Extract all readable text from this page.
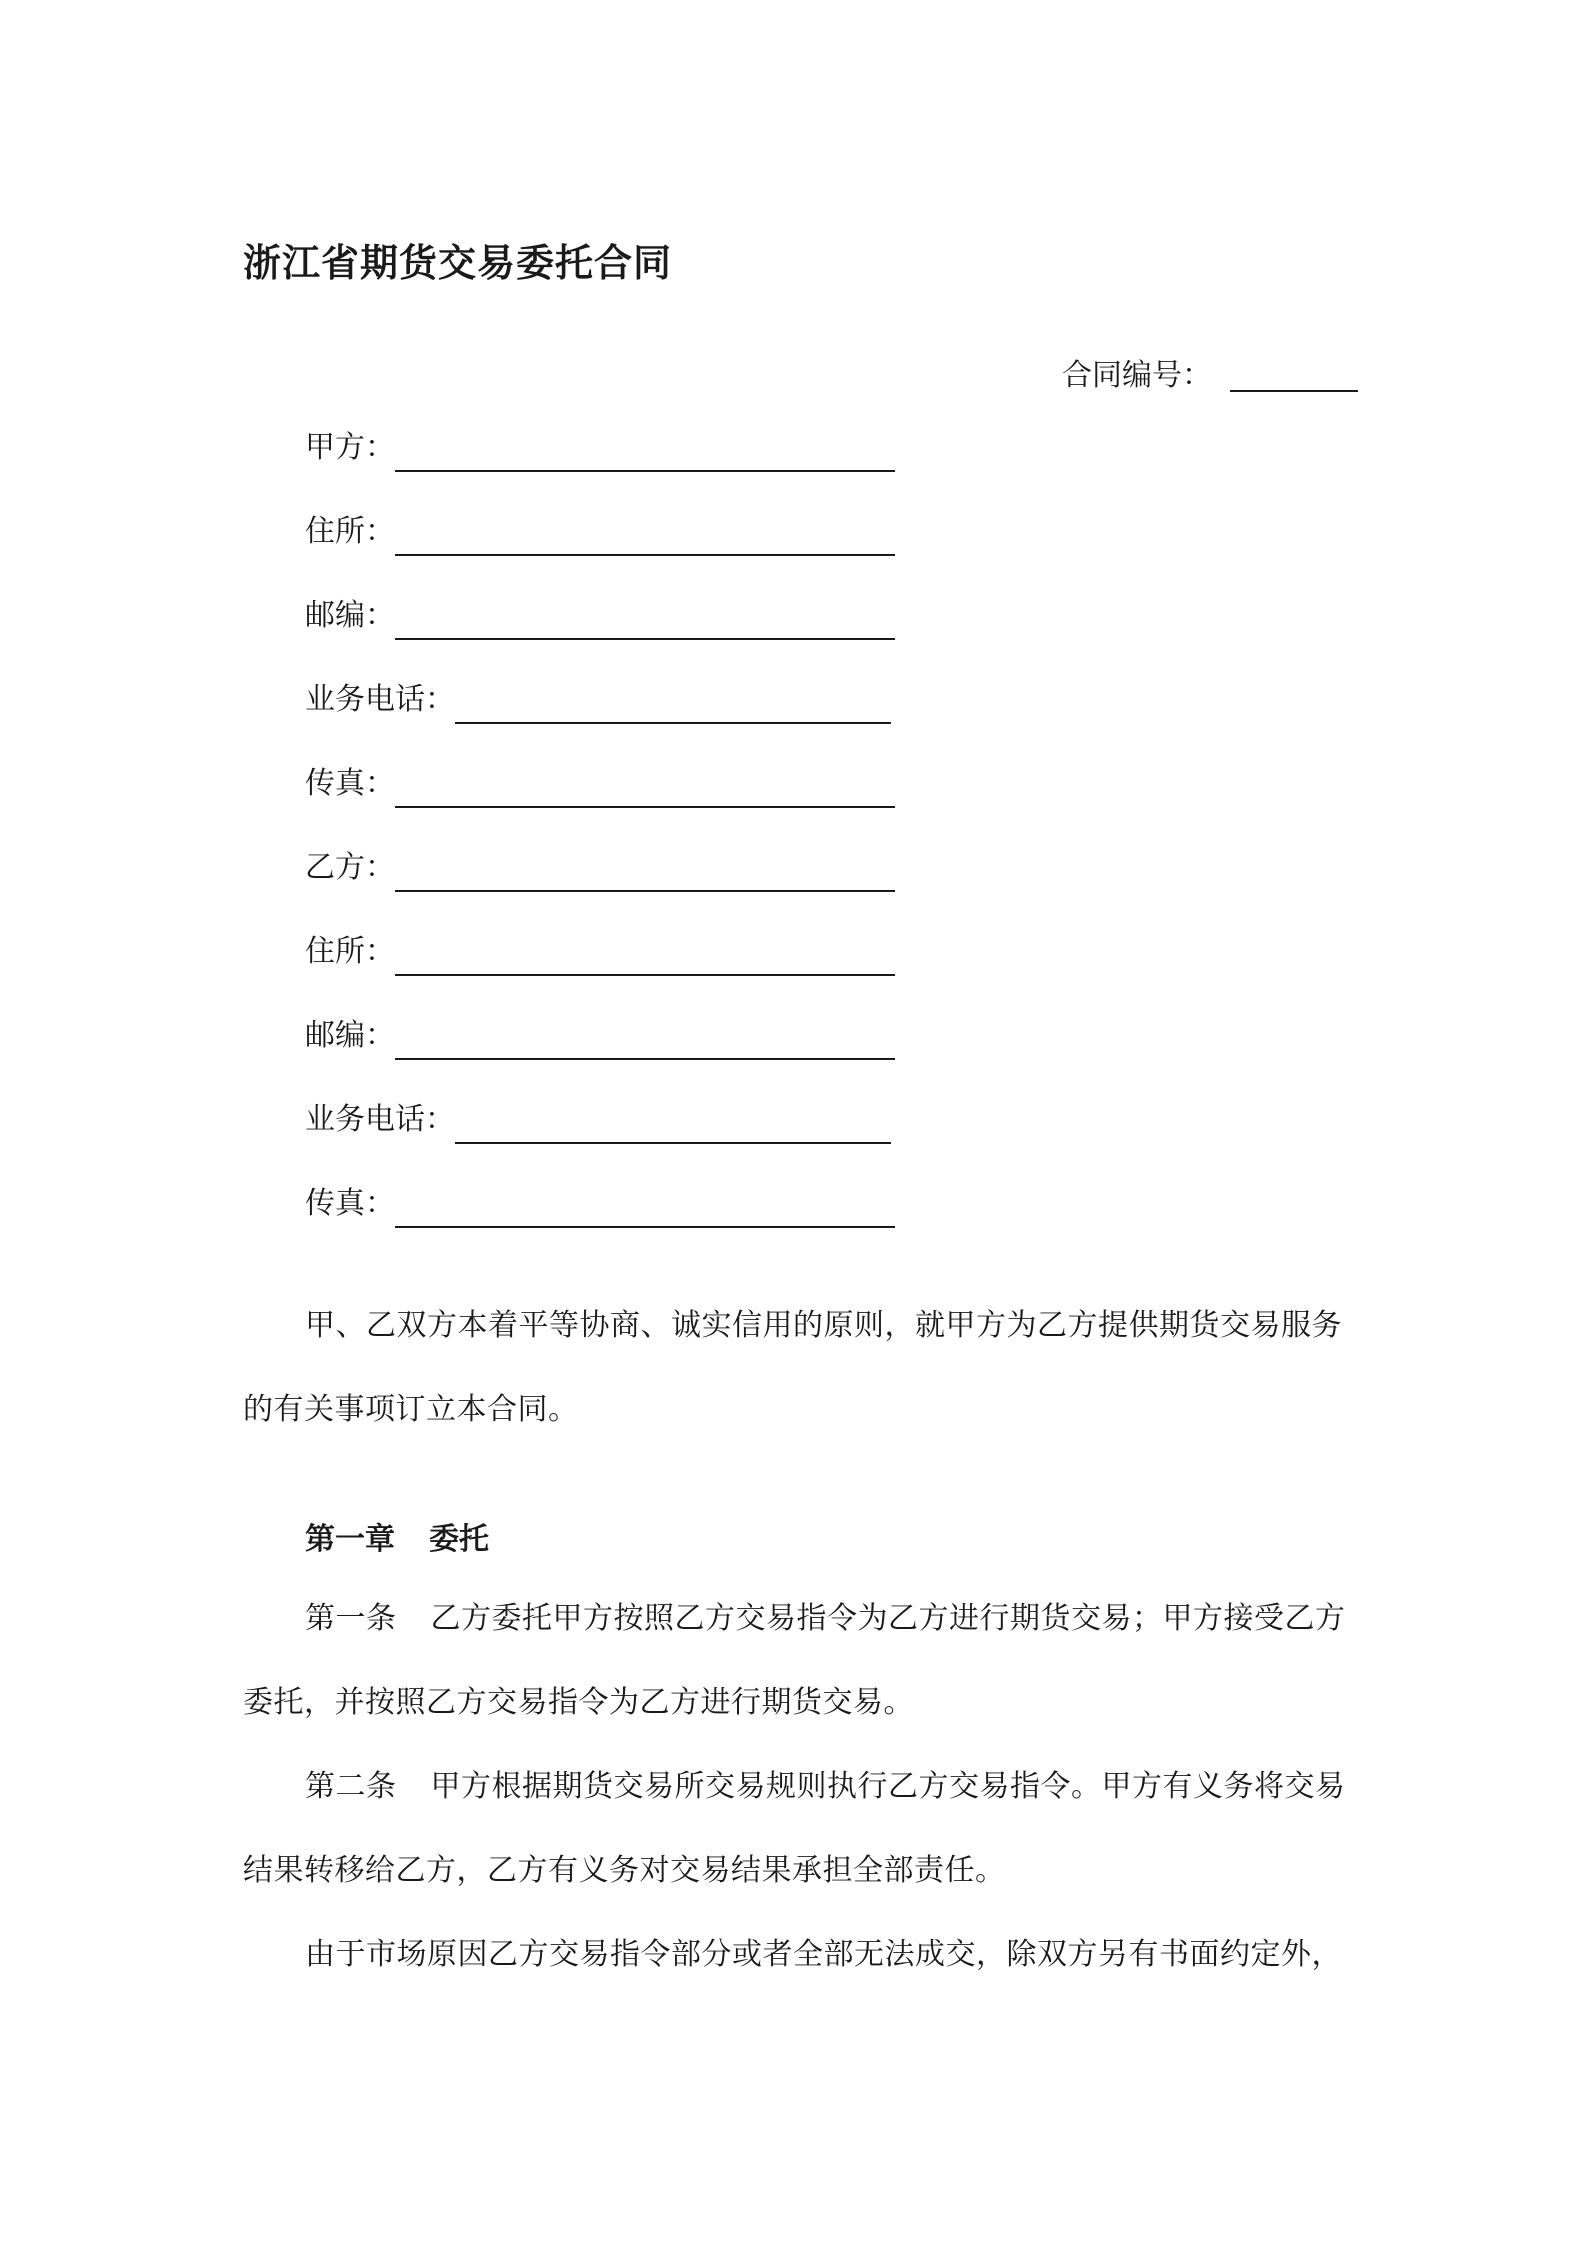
浙江省期货交易委托合同
合同编号：
甲方：
住所：
邮编：
业务电话：
传真：
乙方：
住所：
邮编：
业务电话：
传真：

甲、乙双方本着平等协商、诚实信用的原则，就甲方为乙方提供期货交易服务的有关事项订立本合同。

第一章 委托

第一条 乙方委托甲方按照乙方交易指令为乙方进行期货交易；甲方接受乙方委托，并按照乙方交易指令为乙方进行期货交易。

第二条 甲方根据期货交易所交易规则执行乙方交易指令。甲方有义务将交易结果转移给乙方，乙方有义务对交易结果承担全部责任。

由于市场原因乙方交易指令部分或者全部无法成交，除双方另有书面约定外，
